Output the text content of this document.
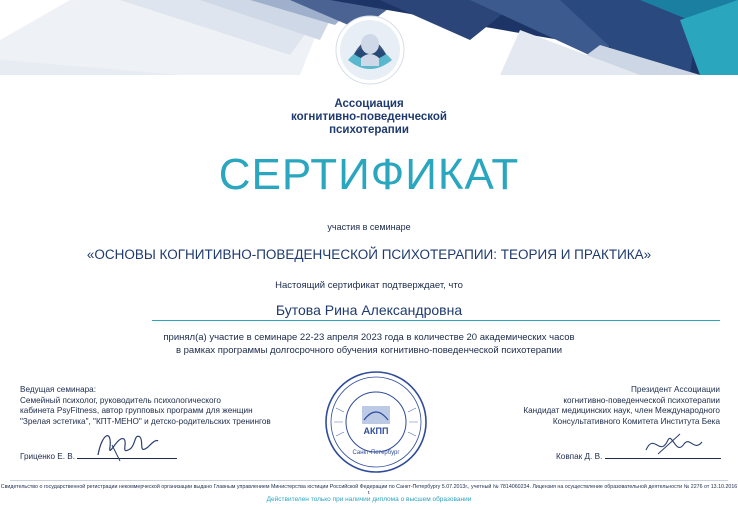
Ассоциация
когнитивно-поведенческой
психотерапии
СЕРТИФИКАТ
участия в семинаре
«ОСНОВЫ КОГНИТИВНО-ПОВЕДЕНЧЕСКОЙ ПСИХОТЕРАПИИ: ТЕОРИЯ И ПРАКТИКА»
Настоящий сертификат подтверждает, что
Бутова Рина Александровна
принял(а) участие в семинаре 22-23 апреля 2023 года в количестве 20 академических часов
в рамках программы долгосрочного обучения когнитивно-поведенческой психотерапии
Ведущая семинара:
Семейный психолог, руководитель психологического
кабинета PsyFitness, автор групповых программ для женщин
"Зрелая эстетика", "КПТ-МЕНО" и детско-родительских тренингов
Президент Ассоциации
когнитивно-поведенческой психотерапии
Кандидат медицинских наук, член Международного
Консультативного Комитета Института Бека
Гриценко Е. В.	Ковпак Д. В.
АКПП
Санкт-Петербург
Свидетельство о государственной регистрации некоммерческой организации выдано Главным управлением Министерства юстиции Российской Федерации по Санкт-Петербургу 5.07.2013г., учетный № 7814060234. Лицензия на осуществление образовательной деятельности № 2276 от 13.10.2016 г.
Действителен только при наличии диплома о высшем образовании
